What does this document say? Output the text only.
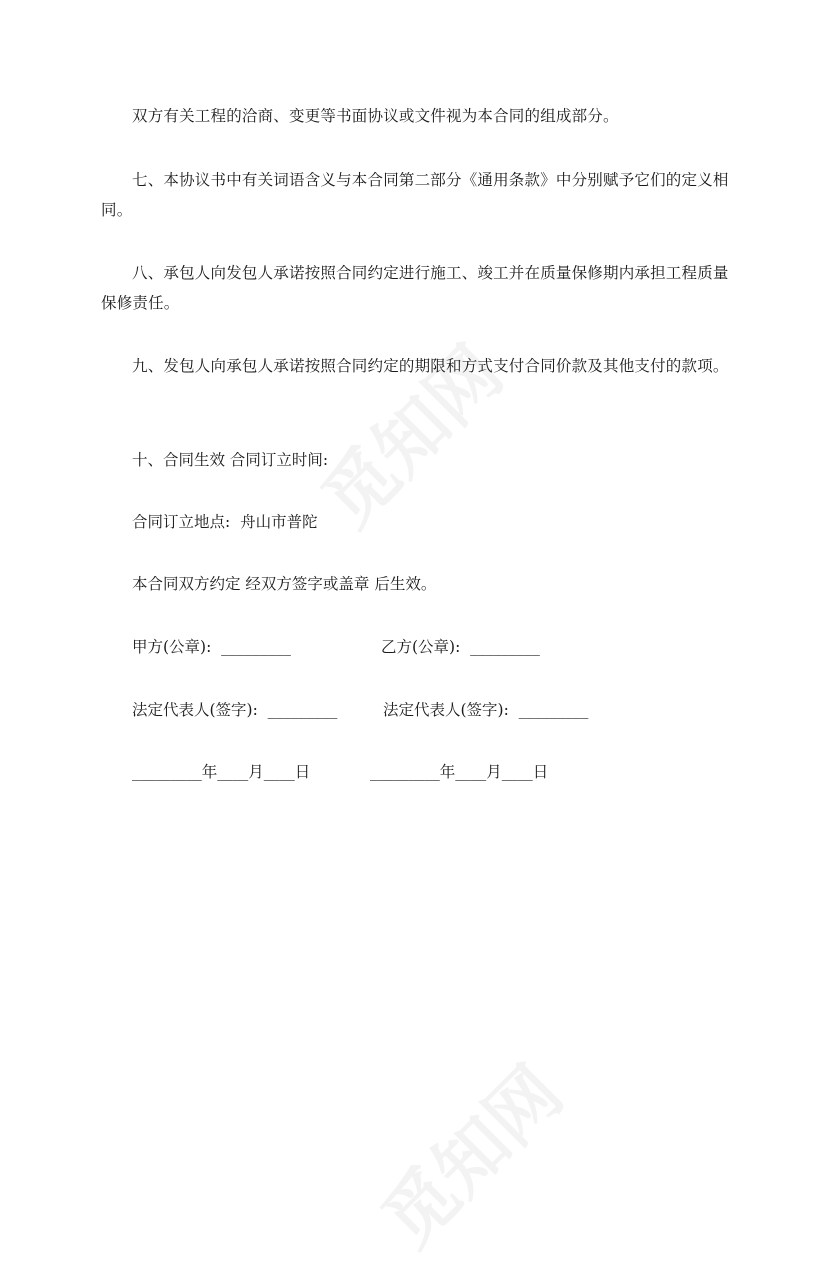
双方有关工程的洽商、变更等书面协议或文件视为本合同的组成部分。

七、本协议书中有关词语含义与本合同第二部分《通用条款》中分别赋予它们的定义相同。

八、承包人向发包人承诺按照合同约定进行施工、竣工并在质量保修期内承担工程质量保修责任。

九、发包人向承包人承诺按照合同约定的期限和方式支付合同价款及其他支付的款项。

十、合同生效 合同订立时间:

合同订立地点:  舟山市普陀

本合同双方约定 经双方签字或盖章 后生效。

甲方(公章):  _________	乙方(公章):  _________

法定代表人(签字):  _________	法定代表人(签字):  _________

_________年____月____日	_________年____月____日
